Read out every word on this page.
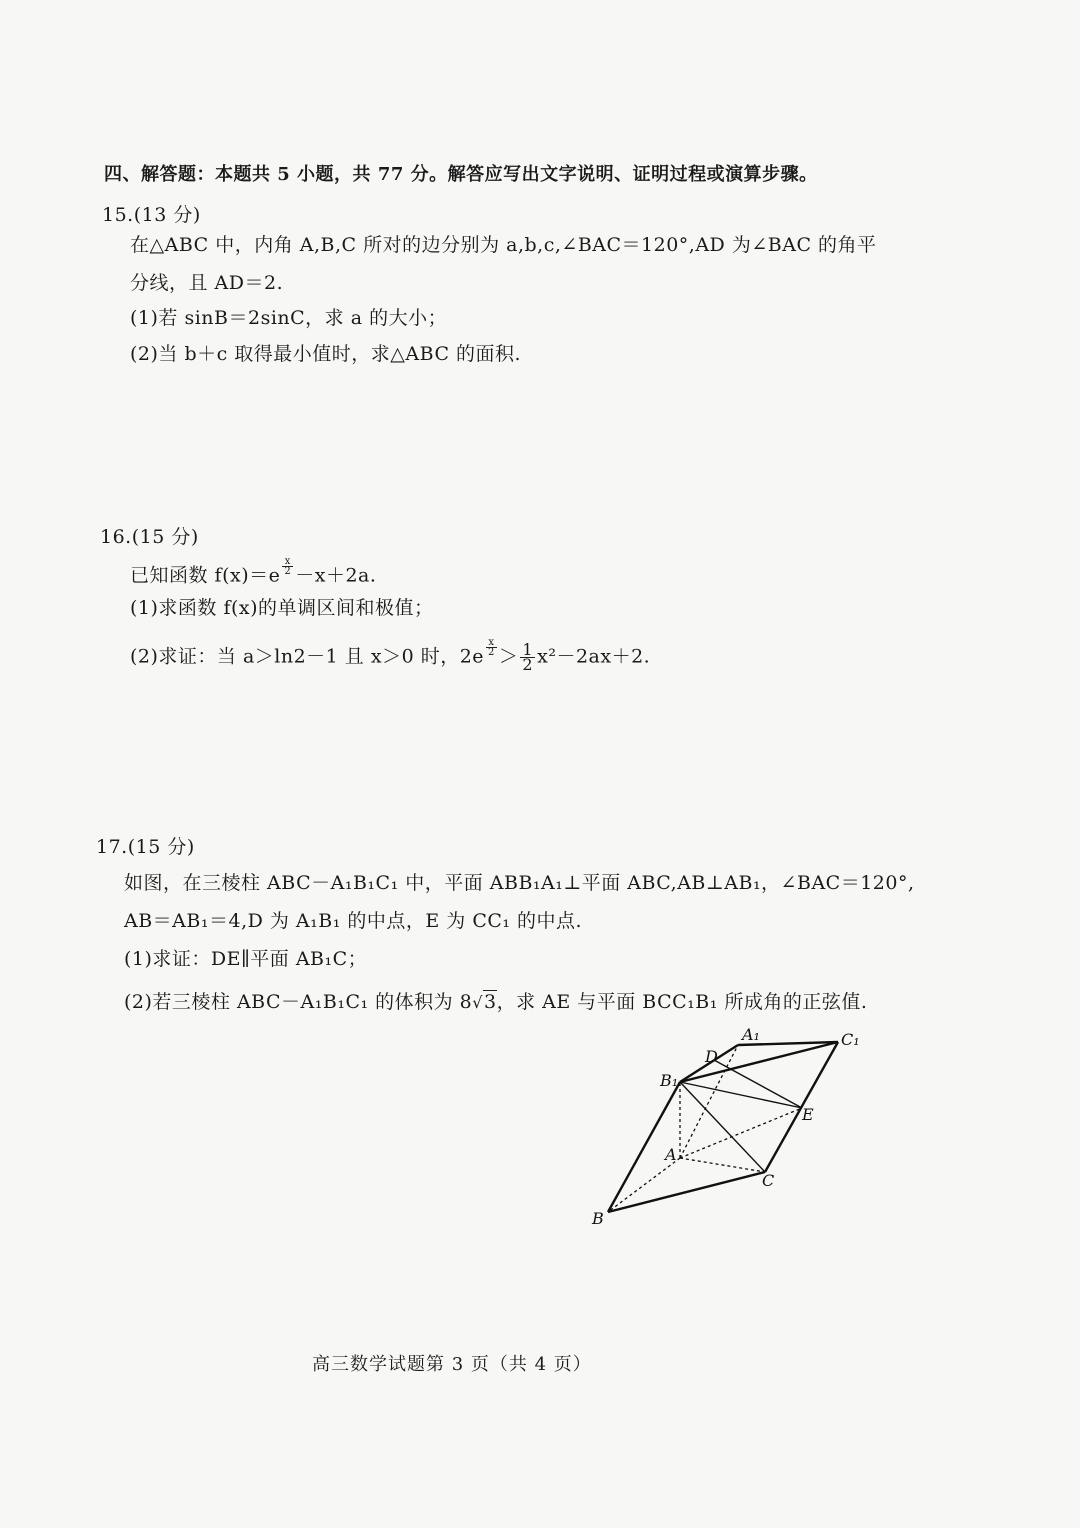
四、解答题：本题共 5 小题，共 77 分。解答应写出文字说明、证明过程或演算步骤。
15.(13 分)
在△ABC 中，内角 A,B,C 所对的边分别为 a,b,c,∠BAC＝120°,AD 为∠BAC 的角平
分线，且 AD＝2.
(1)若 sinB＝2sinC，求 a 的大小；
(2)当 b＋c 取得最小值时，求△ABC 的面积.
16.(15 分)
已知函数 $f(x)=e \frac{x}{2} -x+2a$.
(1)求函数 f(x)的单调区间和极值；
(2)求证：当 a＞ln2－1 且 x＞0 时，$2e \frac{x}{2} > \frac{1}{2} x^2-2ax+2$.
17.(15 分)
如图，在三棱柱 ABC－A₁B₁C₁ 中，平面 ABB₁A₁⊥平面 ABC,AB⊥AB₁，∠BAC＝120°,
AB＝AB₁＝4,D 为 A₁B₁ 的中点，E 为 CC₁ 的中点.
(1)求证：DE∥平面 AB₁C；
(2)若三棱柱 ABC－A₁B₁C₁ 的体积为 8√3，求 AE 与平面 BCC₁B₁ 所成角的正弦值.
A₁	C₁
D
B₁
E
A
C
B
高三数学试题第 3 页（共 4 页）
